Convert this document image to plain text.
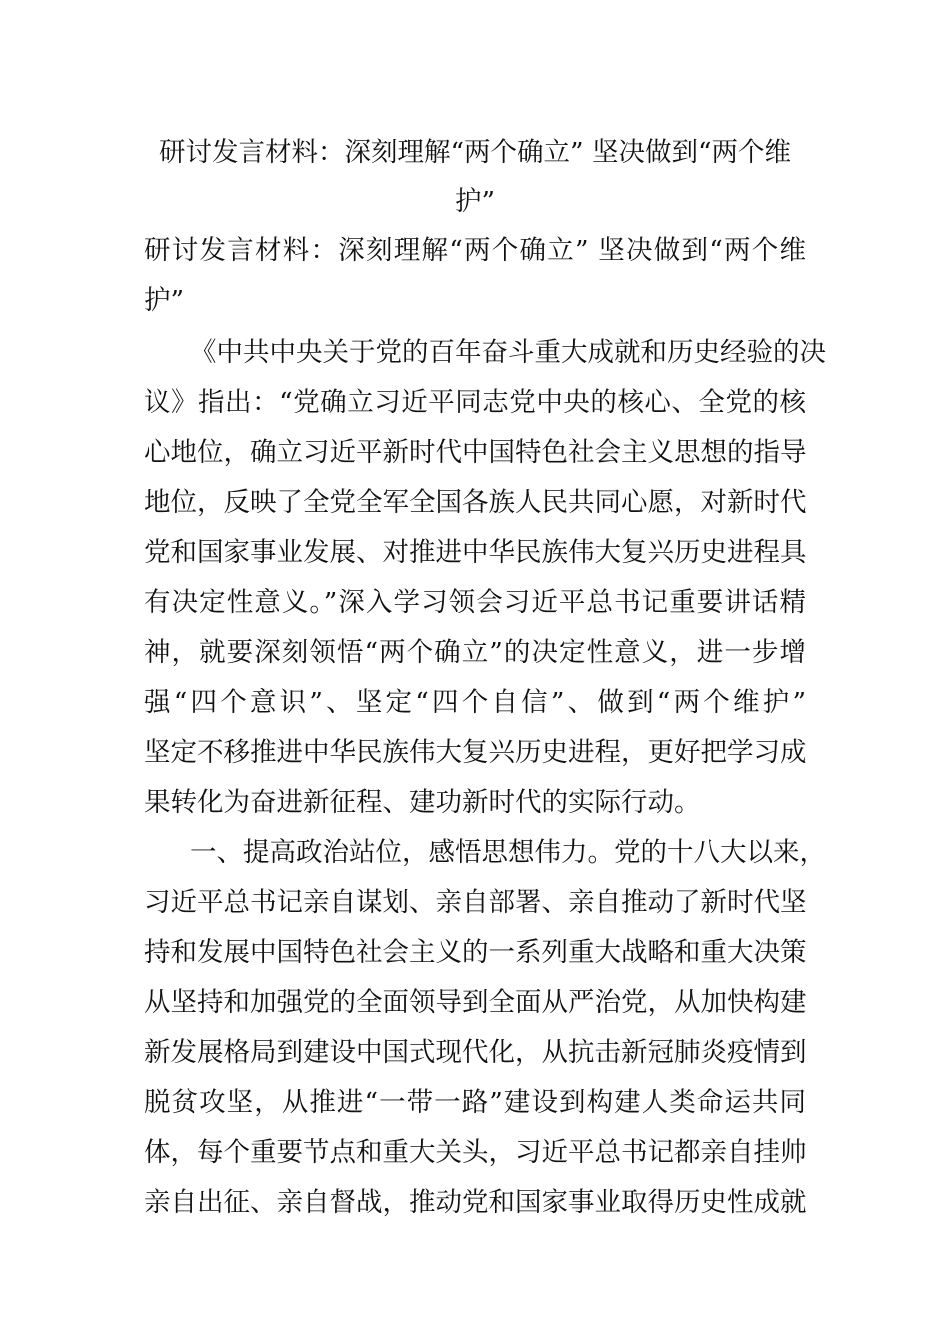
研讨发言材料：深刻理解“两个确立” 坚决做到“两个维
护”
研讨发言材料：深刻理解“两个确立” 坚决做到“两个维
护”
《中共中央关于党的百年奋斗重大成就和历史经验的决
议》指出：“党确立习近平同志党中央的核心、全党的核
心地位，确立习近平新时代中国特色社会主义思想的指导
地位，反映了全党全军全国各族人民共同心愿，对新时代
党和国家事业发展、对推进中华民族伟大复兴历史进程具
有决定性意义。”深入学习领会习近平总书记重要讲话精
神，就要深刻领悟“两个确立”的决定性意义，进一步增
强“四个意识”、坚定“四个自信”、做到“两个维护”
坚定不移推进中华民族伟大复兴历史进程，更好把学习成
果转化为奋进新征程、建功新时代的实际行动。
一、提高政治站位，感悟思想伟力。党的十八大以来，
习近平总书记亲自谋划、亲自部署、亲自推动了新时代坚
持和发展中国特色社会主义的一系列重大战略和重大决策
从坚持和加强党的全面领导到全面从严治党，从加快构建
新发展格局到建设中国式现代化，从抗击新冠肺炎疫情到
脱贫攻坚，从推进“一带一路”建设到构建人类命运共同
体，每个重要节点和重大关头，习近平总书记都亲自挂帅
亲自出征、亲自督战，推动党和国家事业取得历史性成就
